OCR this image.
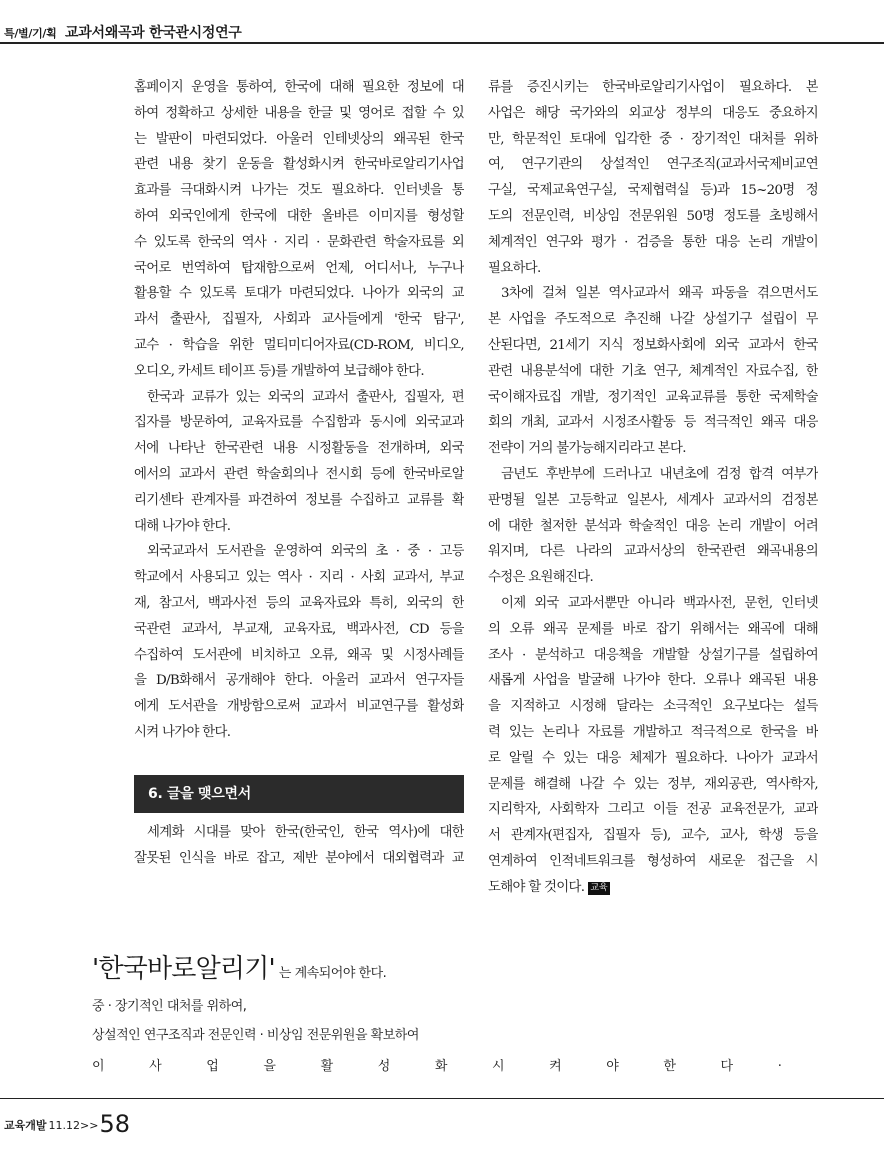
특/별/기/획 교과서왜곡과 한국관시정연구
홈페이지 운영을 통하여, 한국에 대해 필요한 정보에 대
하여 정확하고 상세한 내용을 한글 및 영어로 접할 수 있
는 발판이 마련되었다. 아울러 인테넷상의 왜곡된 한국
관련 내용 찾기 운동을 활성화시켜 한국바로알리기사업
효과를 극대화시켜 나가는 것도 필요하다. 인터넷을 통
하여 외국인에게 한국에 대한 올바른 이미지를 형성할
수 있도록 한국의 역사 · 지리 · 문화관련 학술자료를 외
국어로 번역하여 탑재함으로써 언제, 어디서나, 누구나
활용할 수 있도록 토대가 마련되었다. 나아가 외국의 교
과서 출판사, 집필자, 사회과 교사들에게 '한국 탐구',
교수 · 학습을 위한 멀티미디어자료(CD-ROM, 비디오,
오디오, 카세트 테이프 등)를 개발하여 보급해야 한다.
한국과 교류가 있는 외국의 교과서 출판사, 집필자, 편
집자를 방문하여, 교육자료를 수집함과 동시에 외국교과
서에 나타난 한국관련 내용 시정활동을 전개하며, 외국
에서의 교과서 관련 학술회의나 전시회 등에 한국바로알
리기센타 관계자를 파견하여 정보를 수집하고 교류를 확
대해 나가야 한다.
외국교과서 도서관을 운영하여 외국의 초 · 중 · 고등
학교에서 사용되고 있는 역사 · 지리 · 사회 교과서, 부교
재, 참고서, 백과사전 등의 교육자료와 특히, 외국의 한
국관련 교과서, 부교재, 교육자료, 백과사전, CD 등을
수집하여 도서관에 비치하고 오류, 왜곡 및 시정사례들
을 D/B화해서 공개해야 한다. 아울러 교과서 연구자들
에게 도서관을 개방함으로써 교과서 비교연구를 활성화
시켜 나가야 한다.
6. 글을 맺으면서
세계화 시대를 맞아 한국(한국인, 한국 역사)에 대한
잘못된 인식을 바로 잡고, 제반 분야에서 대외협력과 교
류를 증진시키는 한국바로알리기사업이 필요하다. 본
사업은 해당 국가와의 외교상 정부의 대응도 중요하지
만, 학문적인 토대에 입각한 중 · 장기적인 대처를 위하
여, 연구기관의 상설적인 연구조직(교과서국제비교연
구실, 국제교육연구실, 국제협력실 등)과 15~20명 정
도의 전문인력, 비상임 전문위원 50명 정도를 초빙해서
체계적인 연구와 평가 · 검증을 통한 대응 논리 개발이
필요하다.
3차에 걸쳐 일본 역사교과서 왜곡 파동을 겪으면서도
본 사업을 주도적으로 추진해 나갈 상설기구 설립이 무
산된다면, 21세기 지식 정보화사회에 외국 교과서 한국
관련 내용분석에 대한 기초 연구, 체계적인 자료수집, 한
국이해자료집 개발, 정기적인 교육교류를 통한 국제학술
회의 개최, 교과서 시정조사활동 등 적극적인 왜곡 대응
전략이 거의 불가능해지리라고 본다.
금년도 후반부에 드러나고 내년초에 검정 합격 여부가
판명될 일본 고등학교 일본사, 세계사 교과서의 검정본
에 대한 철저한 분석과 학술적인 대응 논리 개발이 어려
워지며, 다른 나라의 교과서상의 한국관련 왜곡내용의
수정은 요원해진다.
이제 외국 교과서뿐만 아니라 백과사전, 문헌, 인터넷
의 오류 왜곡 문제를 바로 잡기 위해서는 왜곡에 대해
조사 · 분석하고 대응책을 개발할 상설기구를 설립하여
새롭게 사업을 발굴해 나가야 한다. 오류나 왜곡된 내용
을 지적하고 시정해 달라는 소극적인 요구보다는 설득
력 있는 논리나 자료를 개발하고 적극적으로 한국을 바
로 알릴 수 있는 대응 체제가 필요하다. 나아가 교과서
문제를 해결해 나갈 수 있는 정부, 재외공관, 역사학자,
지리학자, 사회학자 그리고 이들 전공 교육전문가, 교과
서 관계자(편집자, 집필자 등), 교수, 교사, 학생 등을
연계하여 인적네트워크를 형성하여 새로운 접근을 시
도해야 할 것이다. 교육
'한국바로알리기' 는 계속되어야 한다.
중 · 장기적인 대처를 위하여,
상설적인 연구조직과 전문인력 · 비상임 전문위원을 확보하여
이	사	업	을	활	성	화	시	켜	야	한	다	.
교육개발 11.12>>58
